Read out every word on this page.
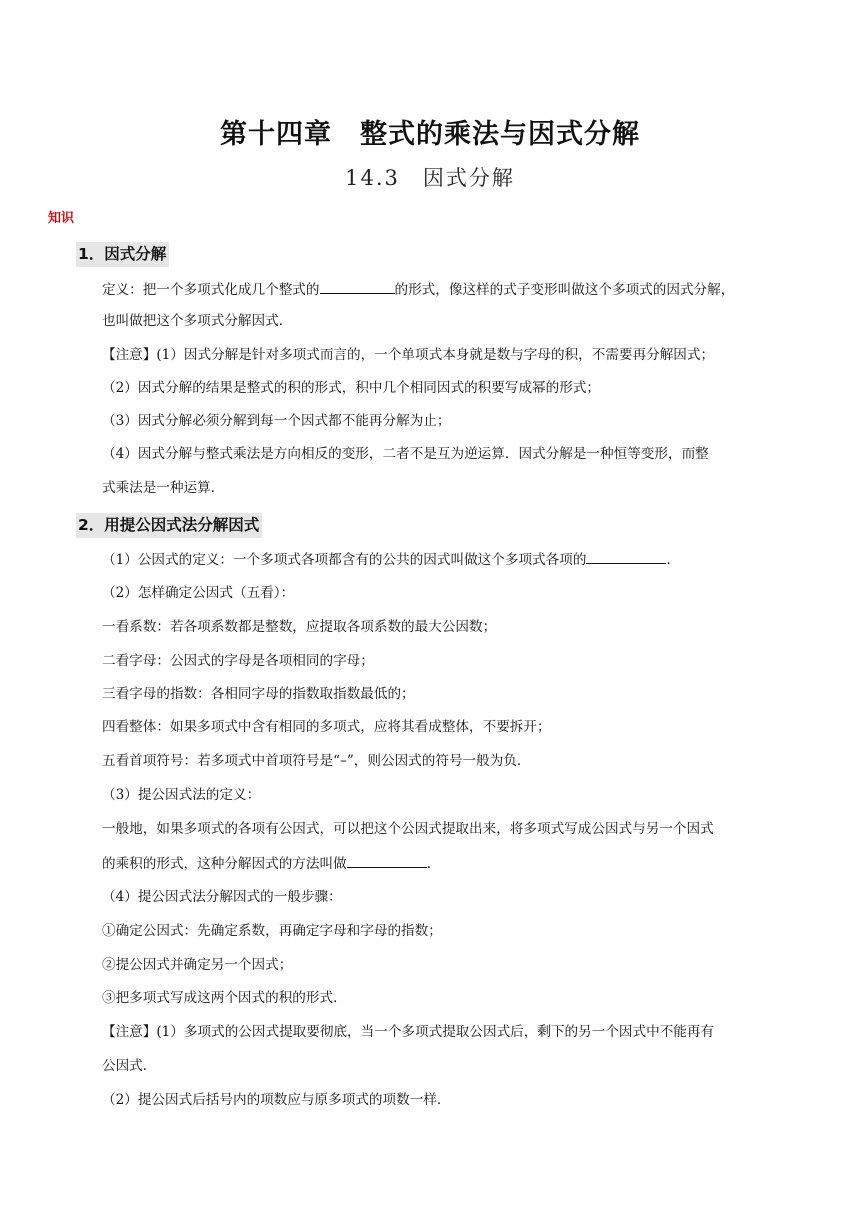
第十四章　整式的乘法与因式分解
14.3　因式分解
知识
1．因式分解
定义：把一个多项式化成几个整式的	的形式，像这样的式子变形叫做这个多项式的因式分解，
也叫做把这个多项式分解因式．
【注意】(1）因式分解是针对多项式而言的，一个单项式本身就是数与字母的积，不需要再分解因式；
（2）因式分解的结果是整式的积的形式，积中几个相同因式的积要写成幂的形式；
（3）因式分解必须分解到每一个因式都不能再分解为止；
（4）因式分解与整式乘法是方向相反的变形，二者不是互为逆运算．因式分解是一种恒等变形，而整
式乘法是一种运算．
2．用提公因式法分解因式
（1）公因式的定义：一个多项式各项都含有的公共的因式叫做这个多项式各项的	．
（2）怎样确定公因式（五看）：
一看系数：若各项系数都是整数，应提取各项系数的最大公因数；
二看字母：公因式的字母是各项相同的字母；
三看字母的指数：各相同字母的指数取指数最低的；
四看整体：如果多项式中含有相同的多项式，应将其看成整体，不要拆开；
五看首项符号：若多项式中首项符号是“–”，则公因式的符号一般为负．
（3）提公因式法的定义：
一般地，如果多项式的各项有公因式，可以把这个公因式提取出来，将多项式写成公因式与另一个因式
的乘积的形式，这种分解因式的方法叫做	．
（4）提公因式法分解因式的一般步骤：
①确定公因式：先确定系数，再确定字母和字母的指数；
②提公因式并确定另一个因式；
③把多项式写成这两个因式的积的形式．
【注意】(1）多项式的公因式提取要彻底，当一个多项式提取公因式后，剩下的另一个因式中不能再有
公因式．
（2）提公因式后括号内的项数应与原多项式的项数一样．
